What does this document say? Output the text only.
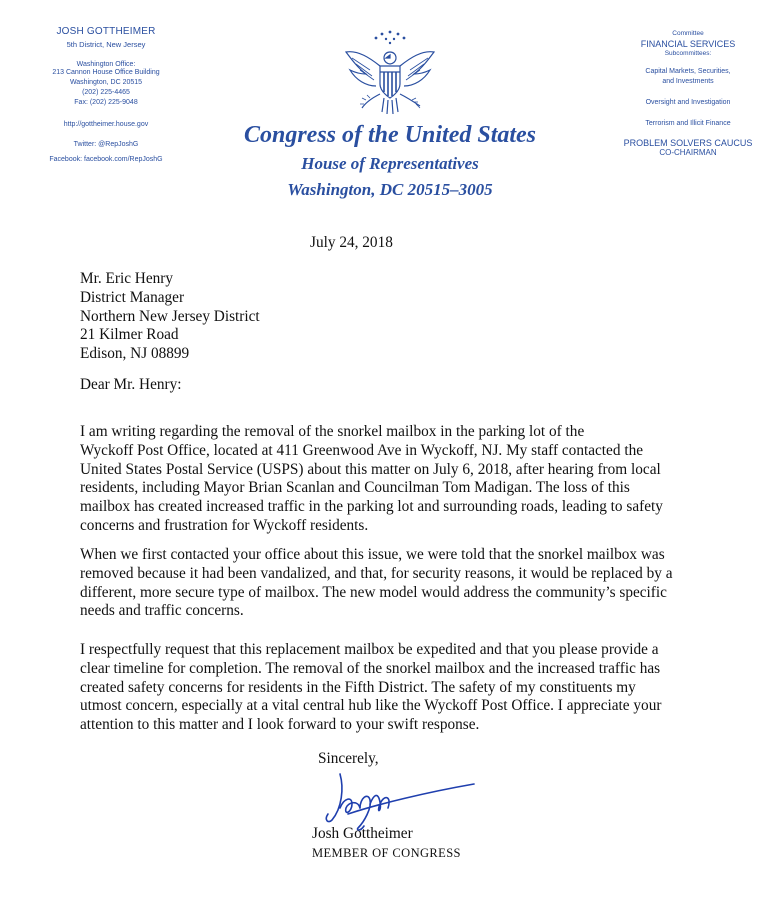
JOSH GOTTHEIMER
5th District, New Jersey
Washington Office:
213 Cannon House Office Building
Washington, DC 20515
(202) 225-4465
Fax: (202) 225-9048
http://gottheimer.house.gov
Twitter: @RepJoshG
Facebook: facebook.com/RepJoshG
Committee
FINANCIAL SERVICES
Subcommittees:
Capital Markets, Securities,
and Investments
Oversight and Investigation
Terrorism and Illicit Finance
PROBLEM SOLVERS CAUCUS
CO-CHAIRMAN
Congress of the United States
House of Representatives
Washington, DC 20515–3005
July 24, 2018
Mr. Eric Henry
District Manager
Northern New Jersey District
21 Kilmer Road
Edison, NJ 08899
Dear Mr. Henry:
I am writing regarding the removal of the snorkel mailbox in the parking lot of the
Wyckoff Post Office, located at 411 Greenwood Ave in Wyckoff, NJ. My staff contacted the
United States Postal Service (USPS) about this matter on July 6, 2018, after hearing from local
residents, including Mayor Brian Scanlan and Councilman Tom Madigan. The loss of this
mailbox has created increased traffic in the parking lot and surrounding roads, leading to safety
concerns and frustration for Wyckoff residents.
When we first contacted your office about this issue, we were told that the snorkel mailbox was
removed because it had been vandalized, and that, for security reasons, it would be replaced by a
different, more secure type of mailbox. The new model would address the community’s specific
needs and traffic concerns.
I respectfully request that this replacement mailbox be expedited and that you please provide a
clear timeline for completion. The removal of the snorkel mailbox and the increased traffic has
created safety concerns for residents in the Fifth District. The safety of my constituents my
utmost concern, especially at a vital central hub like the Wyckoff Post Office. I appreciate your
attention to this matter and I look forward to your swift response.
Sincerely,
Josh Gottheimer
MEMBER OF CONGRESS
